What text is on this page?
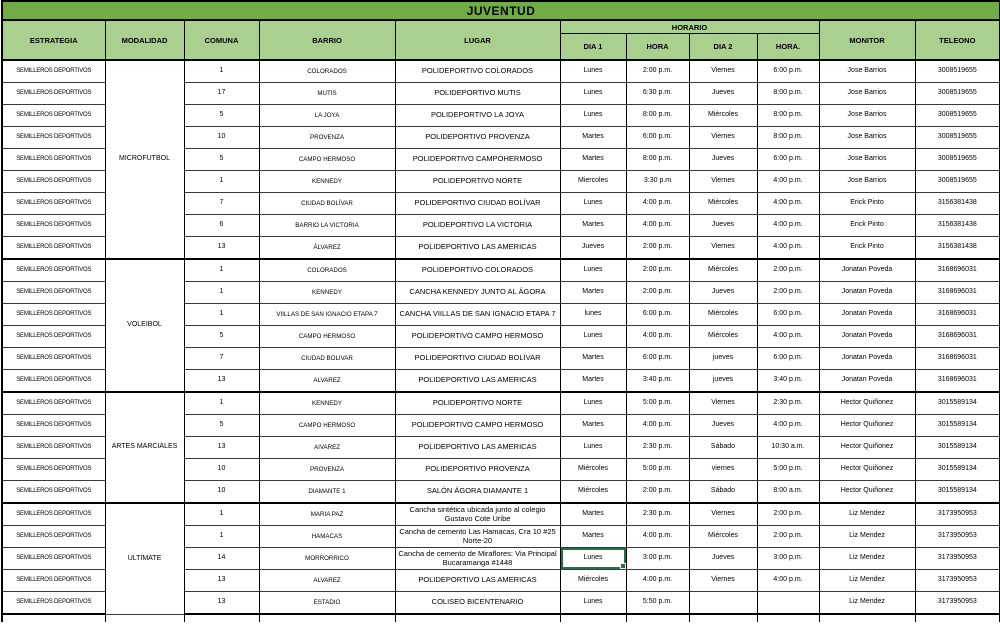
JUVENTUD										
ESTRATEGIA	MODALIDAD	COMUNA	BARRIO	LUGAR	HORARIO				MONITOR	TELEONO
					DIA 1	HORA	DIA 2	HORA.		
SEMILLEROS DEPORTIVOS	MICROFUTBOL	1	COLORADOS	POLIDEPORTIVO COLORADOS	Lunes	2:00 p.m.	Viernes	6:00 p.m.	Jose Barrios	3008519655
SEMILLEROS DEPORTIVOS		17	MUTIS	POLIDEPORTIVO MUTIS	Lunes	6:30 p.m.	Jueves	8:00 p.m.	Jose Barrios	3008519655
SEMILLEROS DEPORTIVOS		5	LA JOYA	POLIDEPORTIVO LA JOYA	Lunes	8:00 p.m.	Miércoles	8:00 p.m.	Jose Barrios	3008519655
SEMILLEROS DEPORTIVOS		10	PROVENZA	POLIDEPORTIVO PROVENZA	Martes	6:00 p.m.	Viernes	8:00 p.m.	Jose Barrios	3008519655
SEMILLEROS DEPORTIVOS		5	CAMPO HERMOSO	POLIDEPORTIVO CAMPOHERMOSO	Martes	8:00 p.m.	Jueves	6:00 p.m.	Jose Barrios	3008519655
SEMILLEROS DEPORTIVOS		1	KENNEDY	POLIDEPORTIVO NORTE	Miercoles	3:30 p.m	Viernes	4:00 p.m.	Jose Barrios	3008519655
SEMILLEROS DEPORTIVOS		7	CIUDAD BOLÍVAR	POLIDEPORTIVO CIUDAD BOLÍVAR	Lunes	4:00 p.m.	Miércoles	4:00 p.m.	Erick Pinto	3156381438
SEMILLEROS DEPORTIVOS		6	BARRIO LA VICTORIA	POLIDEPORTIVO LA VICTORIA	Martes	4:00 p.m.	Jueves	4:00 p.m.	Erick Pinto	3156381438
SEMILLEROS DEPORTIVOS		13	ÁLVAREZ	POLIDEPORTIVO LAS AMERICAS	Jueves	2:00 p.m.	Viernes	4:00 p.m.	Erick Pinto	3156381438
SEMILLEROS DEPORTIVOS	VOLEIBOL	1	COLORADOS	POLIDEPORTIVO COLORADOS	Lunes	2:00 p.m.	Miércoles	2:00 p.m.	Jonatan Poveda	3168696031
SEMILLEROS DEPORTIVOS		1	KENNEDY	CANCHA KENNEDY JUNTO AL ÁGORA	Martes	2:00 p.m.	Jueves	2:00 p.m.	Jonatan Poveda	3168696031
SEMILLEROS DEPORTIVOS		1	VIILLAS DE SAN IGNACIO ETAPA 7	CANCHA VIILLAS DE SAN IGNACIO ETAPA 7	lunes	6:00 p.m.	Miércoles	6:00 p.m.	Jonatan Poveda	3168696031
SEMILLEROS DEPORTIVOS		5	CAMPO HERMOSO	POLIDEPORTIVO CAMPO HERMOSO	Lunes	4:00 p.m.	Miércoles	4:00 p.m.	Jonatan Poveda	3168696031
SEMILLEROS DEPORTIVOS		7	CIUDAD BOLIVAR	POLIDEPORTIVO CIUDAD BOLÍVAR	Martes	6:00 p.m.	jueves	6:00 p.m.	Jonatan Poveda	3168696031
SEMILLEROS DEPORTIVOS		13	ALVAREZ	POLIDEPORTIVO LAS AMERICAS	Martes	3:40 p.m.	jueves	3:40 p.m.	Jonatan Poveda	3168696031
SEMILLEROS DEPORTIVOS	ARTES MARCIALES	1	KENNEDY	POLIDEPORTIVO NORTE	Lunes	5:00 p.m.	Viernes	2:30 p.m.	Hector Quiñonez	3015589134
SEMILLEROS DEPORTIVOS		5	CAMPO HERMOSO	POLIDEPORTIVO CAMPO HERMOSO	Martes	4:00 p.m.	Jueves	4:00 p.m.	Hector Quiñonez	3015589134
SEMILLEROS DEPORTIVOS		13	AIVAREZ	POLIDEPORTIVO LAS AMERICAS	Lunes	2:30 p.m.	Sábado	10:30 a.m.	Hector Quiñonez	3015589134
SEMILLEROS DEPORTIVOS		10	PROVENZA	POLIDEPORTIVO PROVENZA	Miércoles	5:00 p.m.	viernes	5:00 p.m.	Hector Quiñonez	3015589134
SEMILLEROS DEPORTIVOS		10	DIAMANTE 1	SALÓN ÁGORA DIAMANTE 1	Miércoles	2:00 p.m.	Sábado	8:00 a.m.	Hector Quiñonez	3015589134
SEMILLEROS DEPORTIVOS	ULTIMATE	1	MARIA PAZ	Cancha sintética ubicada junto al colegio Gustavo Cote Uribe	Martes	2:30 p.m.	Viernes	2:00 p.m.	Liz Mendez	3173950953
SEMILLEROS DEPORTIVOS		1	HAMACAS	Cancha de cemento Las Hamacas, Cra 10 #25 Norte-20	Martes	4:00 p.m.	Miércoles	2:00 p.m.	Liz Mendez	3173950953
SEMILLEROS DEPORTIVOS		14	MORRORRICO	Cancha de cemento de Miraflores: Via Principal Bucaramanga #1448	Lunes	3:00 p.m.	Jueves	3:00 p.m.	Liz Mendez	3173950953
SEMILLEROS DEPORTIVOS		13	ALVAREZ	POLIDEPORTIVO LAS AMERICAS	Miércoles	4:00 p.m.	Viernes	4:00 p.m.	Liz Mendez	3173950953
SEMILLEROS DEPORTIVOS		13	ESTADIO	COLISEO BICENTENARIO	Lunes	5:50 p.m.			Liz Mendez	3173950953
